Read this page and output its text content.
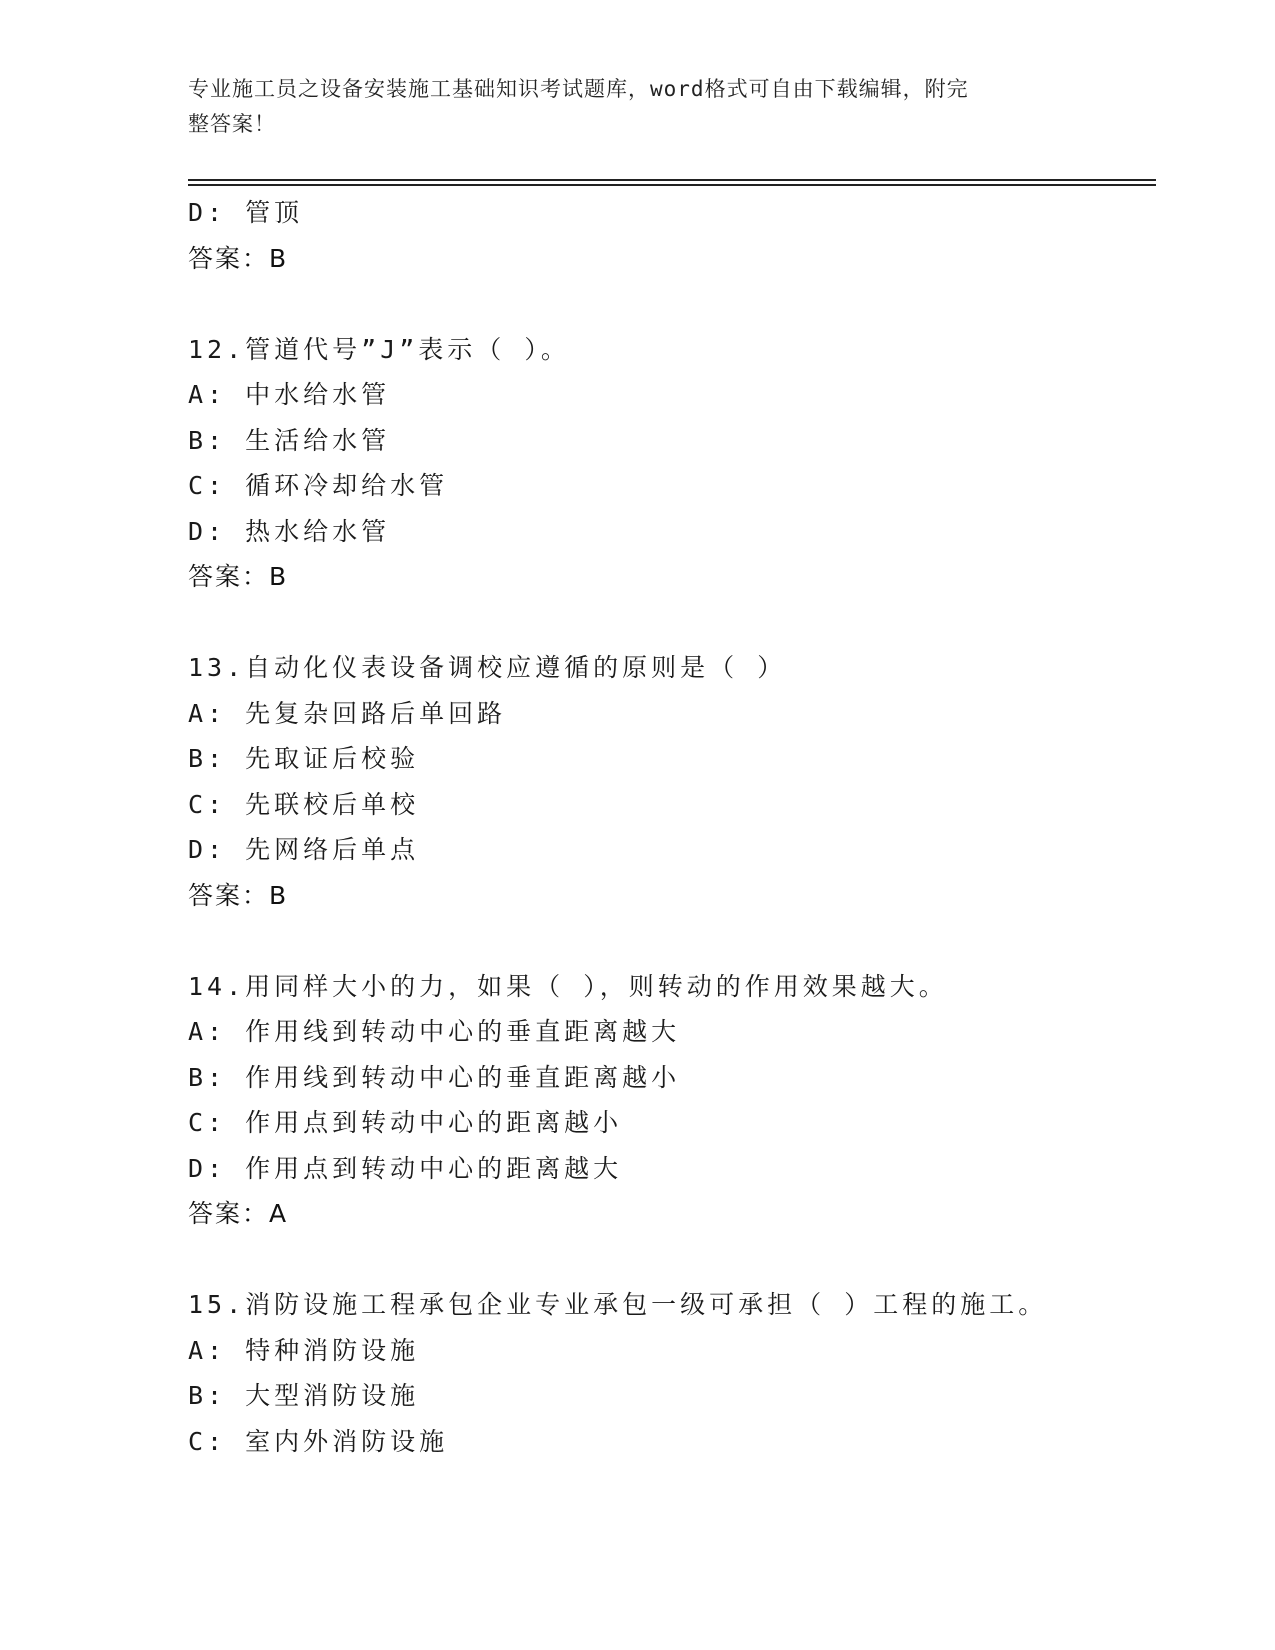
专业施工员之设备安装施工基础知识考试题库，word格式可自由下载编辑，附完
整答案！
D: 管顶
答案：B
12.管道代号”J”表示（ ）。
A: 中水给水管
B: 生活给水管
C: 循环冷却给水管
D: 热水给水管
答案：B
13.自动化仪表设备调校应遵循的原则是（ ）
A: 先复杂回路后单回路
B: 先取证后校验
C: 先联校后单校
D: 先网络后单点
答案：B
14.用同样大小的力，如果（ ），则转动的作用效果越大。
A: 作用线到转动中心的垂直距离越大
B: 作用线到转动中心的垂直距离越小
C: 作用点到转动中心的距离越小
D: 作用点到转动中心的距离越大
答案：A
15.消防设施工程承包企业专业承包一级可承担（ ）工程的施工。
A: 特种消防设施
B: 大型消防设施
C: 室内外消防设施
